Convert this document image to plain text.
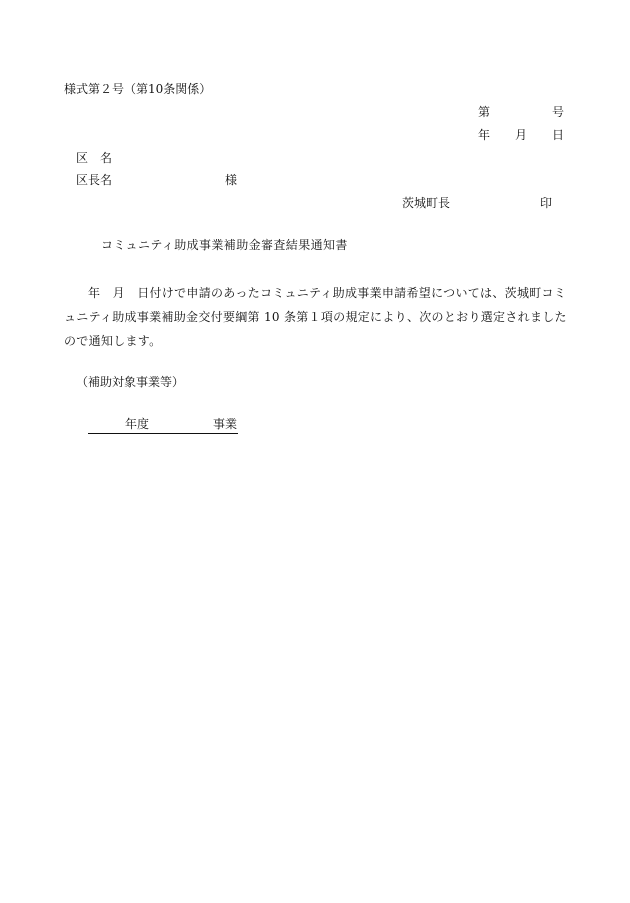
様式第２号（第10条関係）
第	号
年 月 日
区　名
区長名	様
茨城町長	印
コミュニティ助成事業補助金審査結果通知書

年　月　日付けで申請のあったコミュニティ助成事業申請希望については、茨城町コミュニティ助成事業補助金交付要綱第 10 条第１項の規定により、次のとおり選定されましたので通知します。

（補助対象事業等）
年度	事業
